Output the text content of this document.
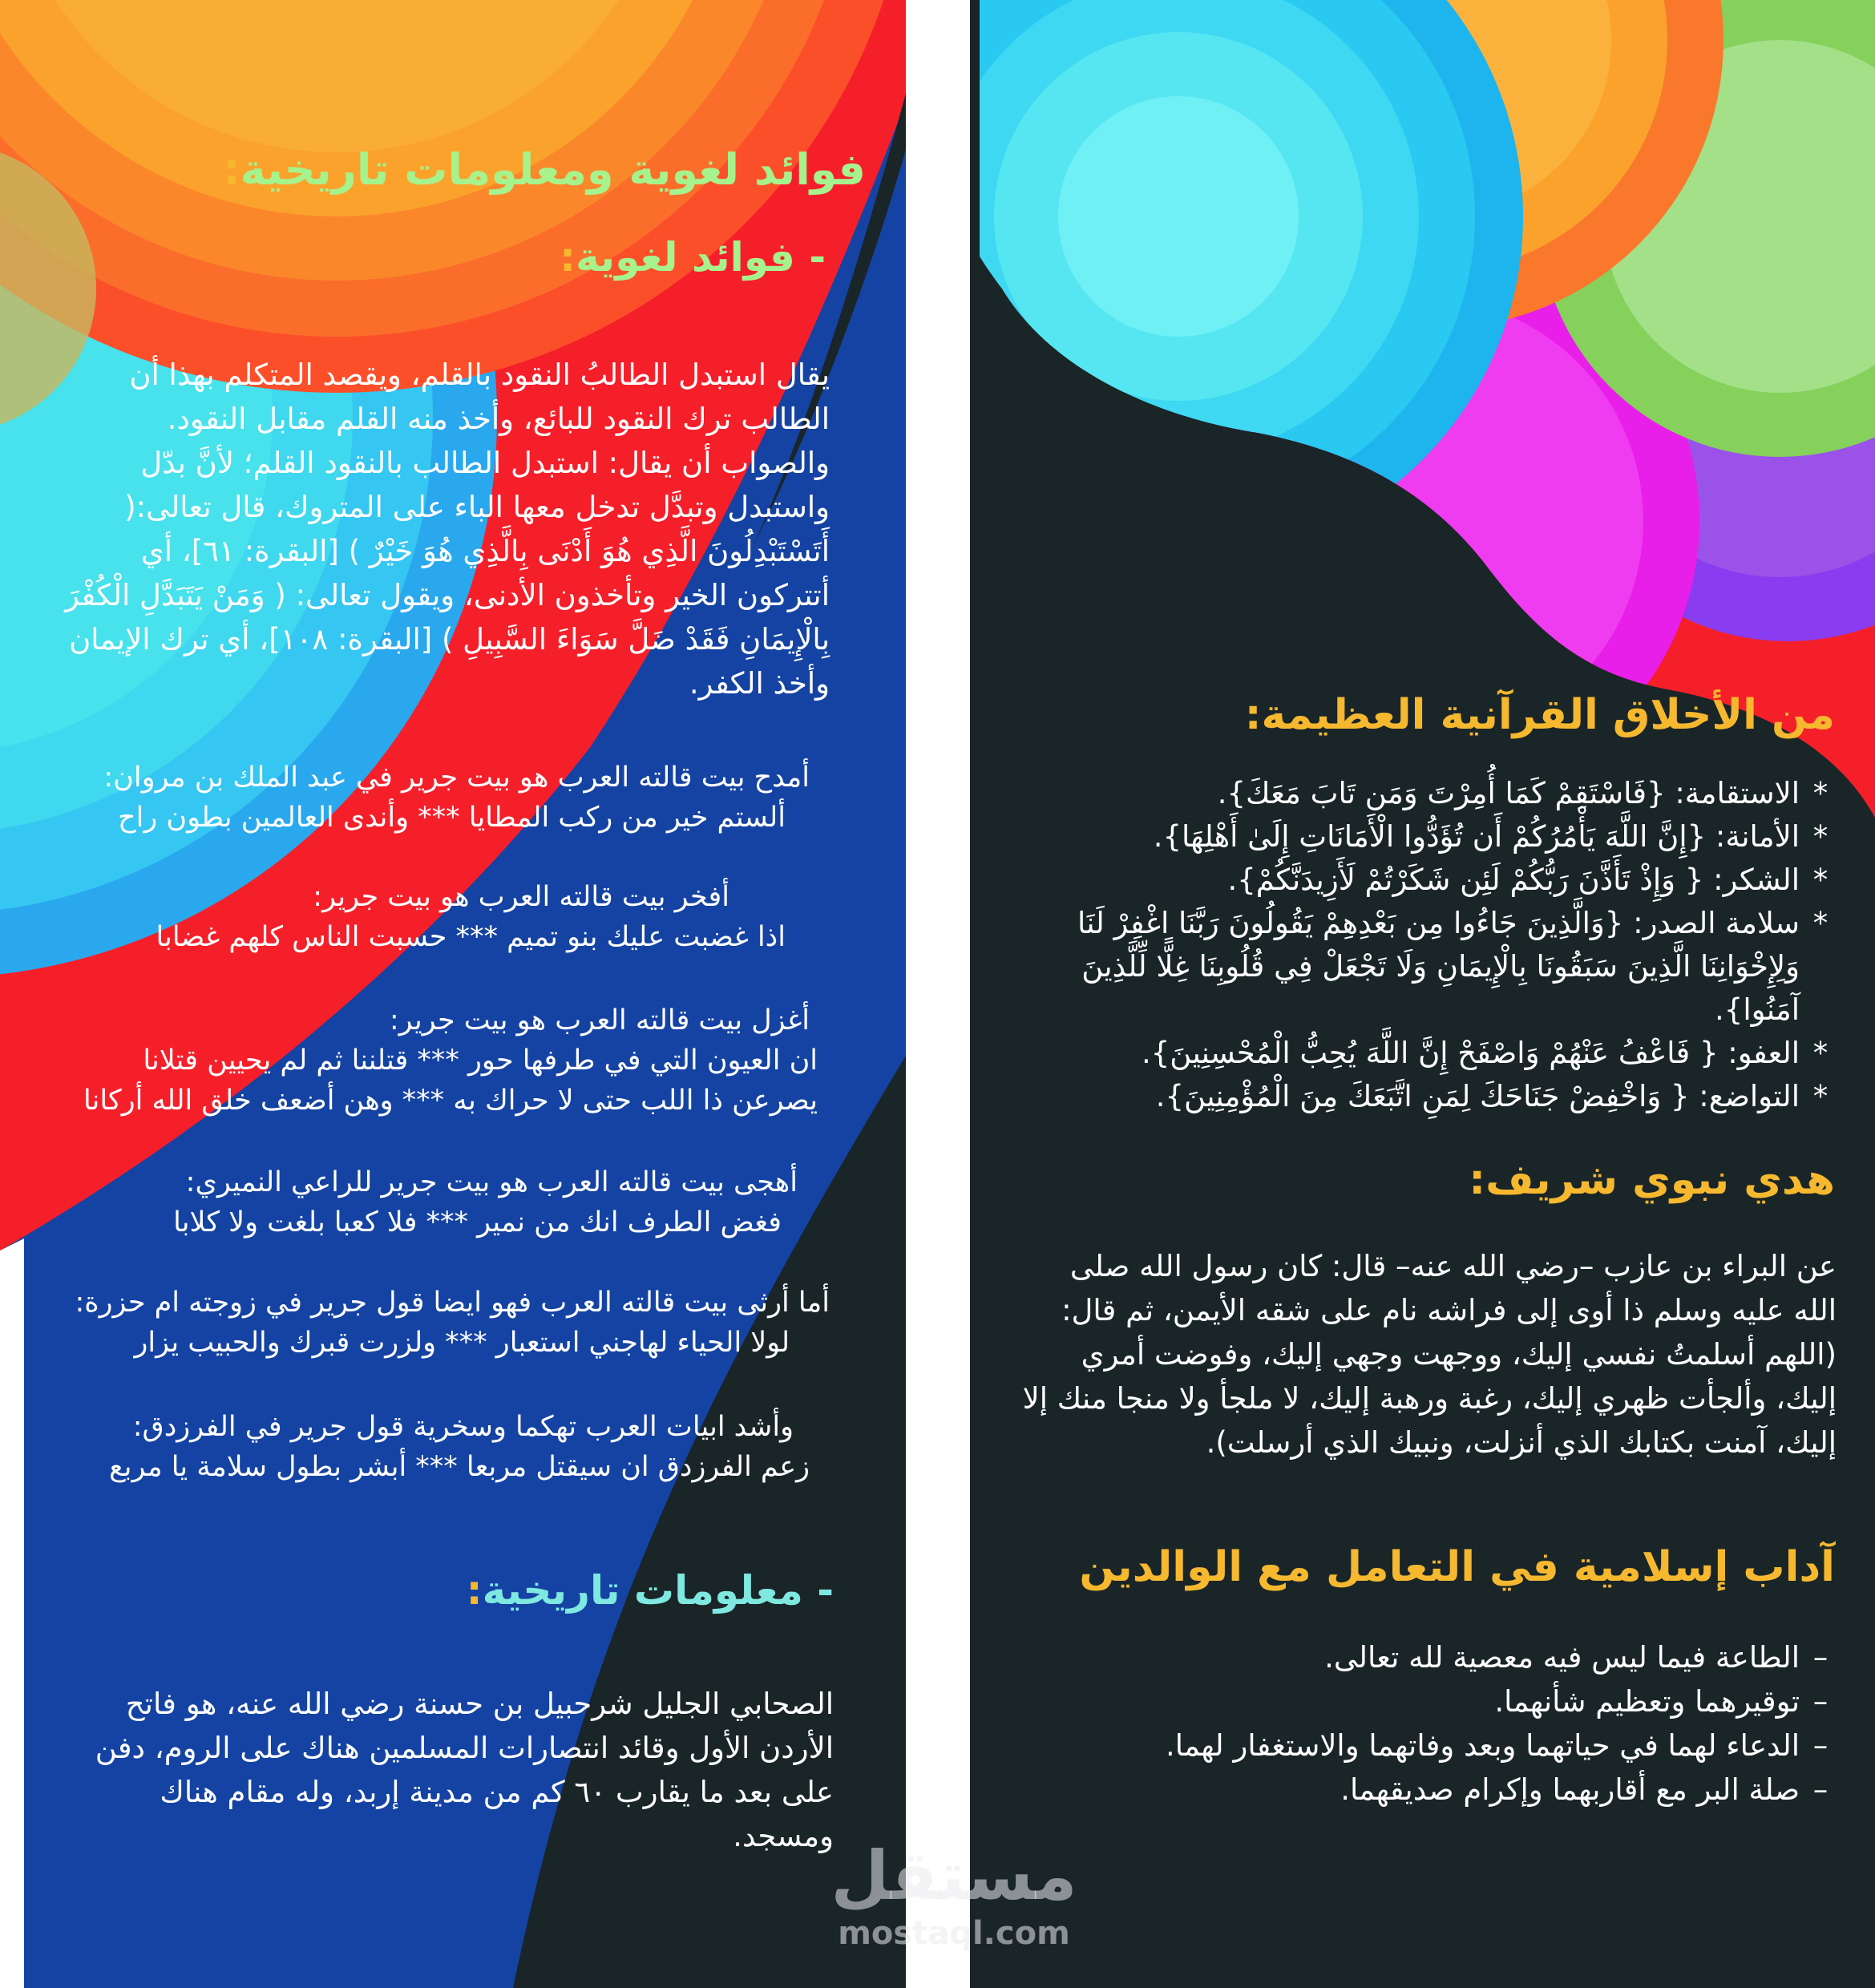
فوائد لغوية ومعلومات تاريخية:
- فوائد لغوية:
يقال استبدل الطالبُ النقود بالقلم، ويقصد المتكلم بهذا أن الطالب ترك النقود للبائع، وأخذ منه القلم مقابل النقود. والصواب أن يقال: استبدل الطالب بالنقود القلم؛ لأنَّ بدّل واستبدل وتبدَّل تدخل معها الباء على المتروك، قال تعالى:( أَتَسْتَبْدِلُونَ الَّذِي هُوَ أَدْنَى بِالَّذِي هُوَ خَيْرٌ ) [البقرة: ٦١]، أي أتتركون الخير وتأخذون الأدنى، ويقول تعالى: ( وَمَنْ يَتَبَدَّلِ الْكُفْرَ بِالْإِيمَانِ فَقَدْ ضَلَّ سَوَاءَ السَّبِيلِ ) [البقرة: ١٠٨]، أي ترك الإيمان وأخذ الكفر.

أمدح بيت قالته العرب هو بيت جرير في عبد الملك بن مروان:

ألستم خير من ركب المطايا *** وأندى العالمين بطون راح

أفخر بيت قالته العرب هو بيت جرير:

اذا غضبت عليك بنو تميم *** حسبت الناس كلهم غضابا

أغزل بيت قالته العرب هو بيت جرير:

ان العيون التي في طرفها حور *** قتلننا ثم لم يحيين قتلانا

يصرعن ذا اللب حتى لا حراك به *** وهن أضعف خلق الله أركانا

أهجى بيت قالته العرب هو بيت جرير للراعي النميري:

فغض الطرف انك من نمير *** فلا كعبا بلغت ولا كلابا

أما أرثى بيت قالته العرب فهو ايضا قول جرير في زوجته ام حزرة:

لولا الحياء لهاجني استعبار *** ولزرت قبرك والحبيب يزار

وأشد ابيات العرب تهكما وسخرية قول جرير في الفرزدق:

زعم الفرزدق ان سيقتل مربعا *** أبشر بطول سلامة يا مربع

- معلومات تاريخية:
الصحابي الجليل شرحبيل بن حسنة رضي الله عنه، هو فاتح الأردن الأول وقائد انتصارات المسلمين هناك على الروم، دفن على بعد ما يقارب ٦٠ كم من مدينة إربد، وله مقام هناك ومسجد.
من الأخلاق القرآنية العظيمة:
*
الاستقامة: {فَاسْتَقِمْ كَمَا أُمِرْتَ وَمَن تَابَ مَعَكَ}.
*
الأمانة: {إِنَّ اللَّهَ يَأْمُرُكُمْ أَن تُؤَدُّوا الْأَمَانَاتِ إِلَىٰ أَهْلِهَا}.
*
الشكر: { وَإِذْ تَأَذَّنَ رَبُّكُمْ لَئِن شَكَرْتُمْ لَأَزِيدَنَّكُمْ}.
*
سلامة الصدر: {وَالَّذِينَ جَاءُوا مِن بَعْدِهِمْ يَقُولُونَ رَبَّنَا اغْفِرْ لَنَا وَلِإِخْوَانِنَا الَّذِينَ سَبَقُونَا بِالْإِيمَانِ وَلَا تَجْعَلْ فِي قُلُوبِنَا غِلًّا لِّلَّذِينَ آمَنُوا}.
*
العفو: { فَاعْفُ عَنْهُمْ وَاصْفَحْ إِنَّ اللَّهَ يُحِبُّ الْمُحْسِنِينَ}.
*
التواضع: { وَاخْفِضْ جَنَاحَكَ لِمَنِ اتَّبَعَكَ مِنَ الْمُؤْمِنِينَ}.
هدي نبوي شريف:
عن البراء بن عازب –رضي الله عنه– قال: كان رسول الله صلى الله عليه وسلم ذا أوى إلى فراشه نام على شقه الأيمن، ثم قال: (اللهم أسلمتُ نفسي إليك، ووجهت وجهي إليك، وفوضت أمري إليك، وألجأت ظهري إليك، رغبة ورهبة إليك، لا ملجأ ولا منجا منك إلا إليك، آمنت بكتابك الذي أنزلت، ونبيك الذي أرسلت).
آداب إسلامية في التعامل مع الوالدين
–
الطاعة فيما ليس فيه معصية لله تعالى.
–
توقيرهما وتعظيم شأنهما.
–
الدعاء لهما في حياتهما وبعد وفاتهما والاستغفار لهما.
–
صلة البر مع أقاربهما وإكرام صديقهما.
مستقل
mostaql.com
